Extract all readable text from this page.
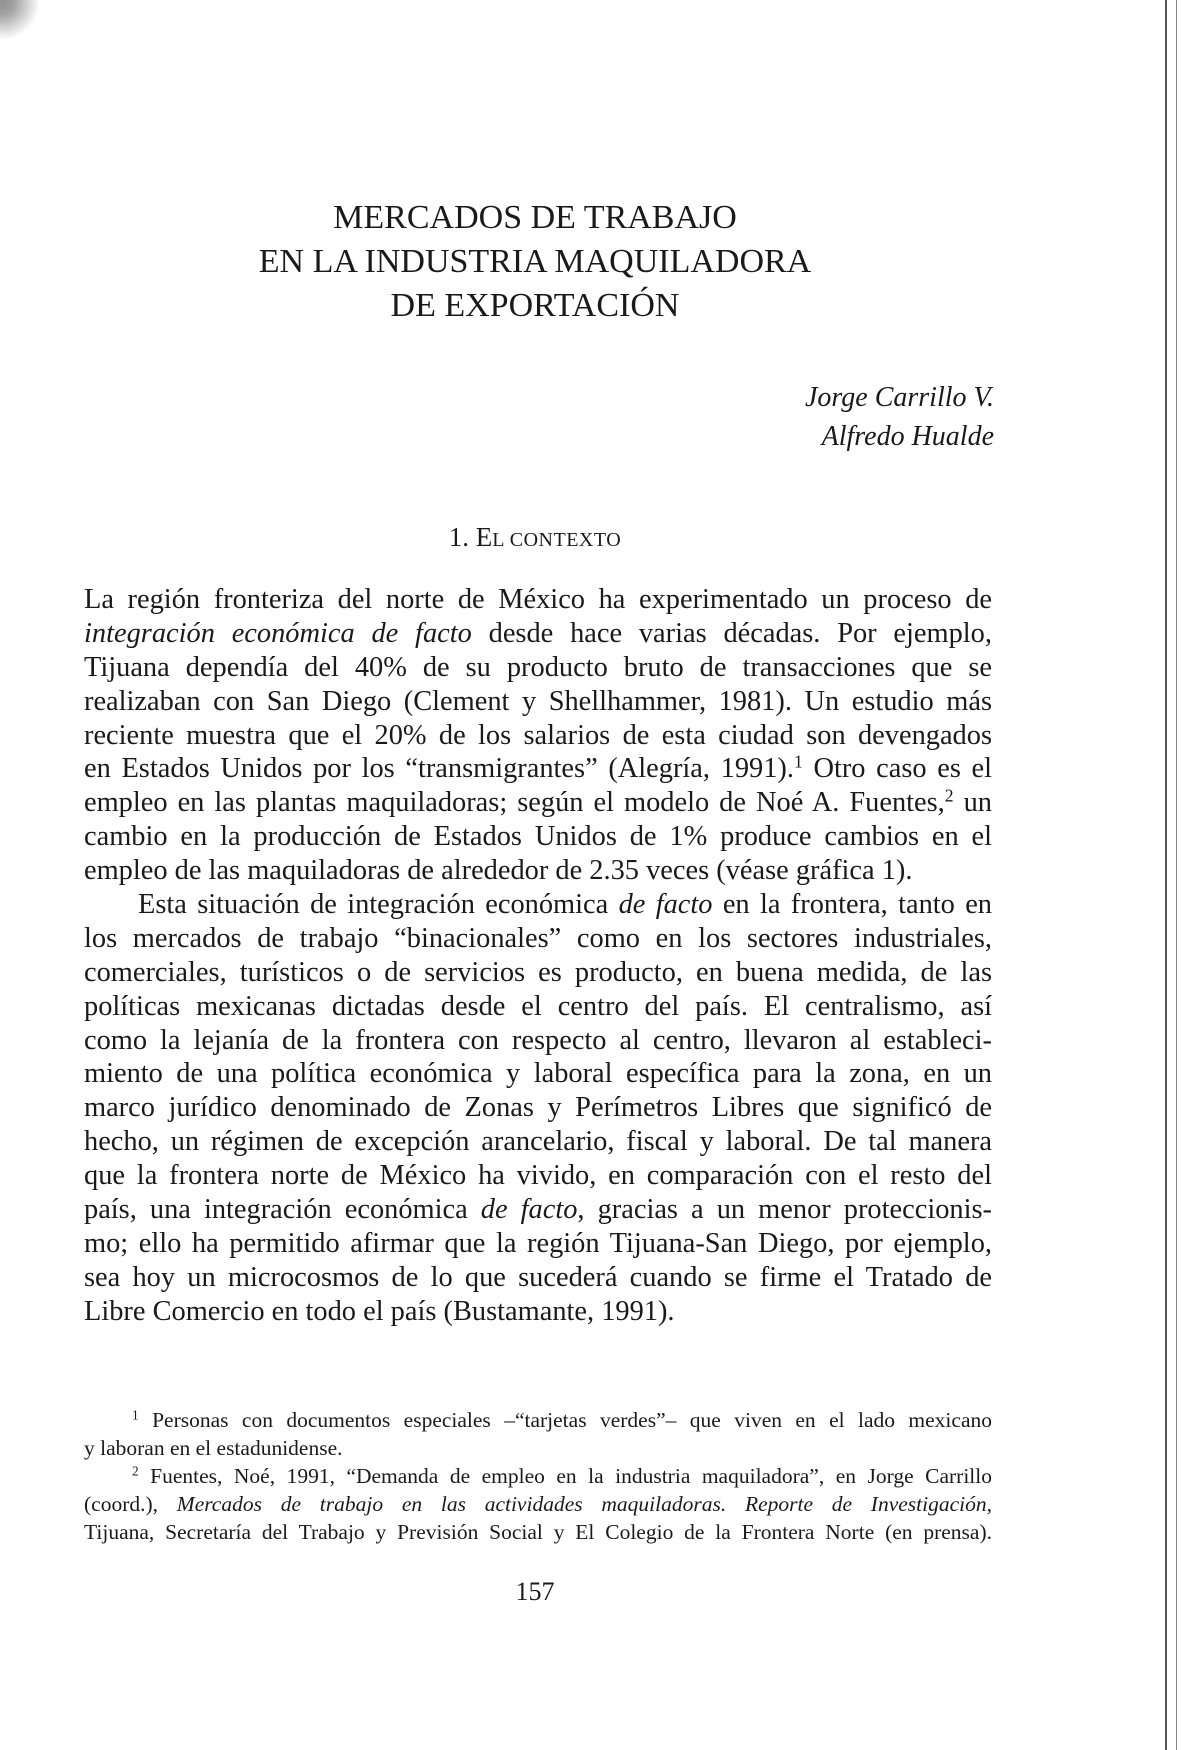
MERCADOS DE TRABAJO
EN LA INDUSTRIA MAQUILADORA
DE EXPORTACIÓN
Jorge Carrillo V.
Alfredo Hualde
1. EL CONTEXTO
La región fronteriza del norte de México ha experimentado un proceso de
integración económica de facto desde hace varias décadas. Por ejemplo,
Tijuana dependía del 40% de su producto bruto de transacciones que se
realizaban con San Diego (Clement y Shellhammer, 1981). Un estudio más
reciente muestra que el 20% de los salarios de esta ciudad son devengados
en Estados Unidos por los “transmigrantes” (Alegría, 1991).$^1$ Otro caso es el
empleo en las plantas maquiladoras; según el modelo de Noé A. Fuentes,$^2$ un
cambio en la producción de Estados Unidos de 1% produce cambios en el
empleo de las maquiladoras de alrededor de 2.35 veces (véase gráfica 1).
Esta situación de integración económica de facto en la frontera, tanto en
los mercados de trabajo “binacionales” como en los sectores industriales,
comerciales, turísticos o de servicios es producto, en buena medida, de las
políticas mexicanas dictadas desde el centro del país. El centralismo, así
como la lejanía de la frontera con respecto al centro, llevaron al estableci-
miento de una política económica y laboral específica para la zona, en un
marco jurídico denominado de Zonas y Perímetros Libres que significó de
hecho, un régimen de excepción arancelario, fiscal y laboral. De tal manera
que la frontera norte de México ha vivido, en comparación con el resto del
país, una integración económica de facto, gracias a un menor proteccionis-
mo; ello ha permitido afirmar que la región Tijuana-San Diego, por ejemplo,
sea hoy un microcosmos de lo que sucederá cuando se firme el Tratado de
Libre Comercio en todo el país (Bustamante, 1991).
$^1$ Personas con documentos especiales –“tarjetas verdes”– que viven en el lado mexicano
y laboran en el estadunidense.
$^2$ Fuentes, Noé, 1991, “Demanda de empleo en la industria maquiladora”, en Jorge Carrillo
(coord.), Mercados de trabajo en las actividades maquiladoras. Reporte de Investigación,
Tijuana, Secretaría del Trabajo y Previsión Social y El Colegio de la Frontera Norte (en prensa).
157
